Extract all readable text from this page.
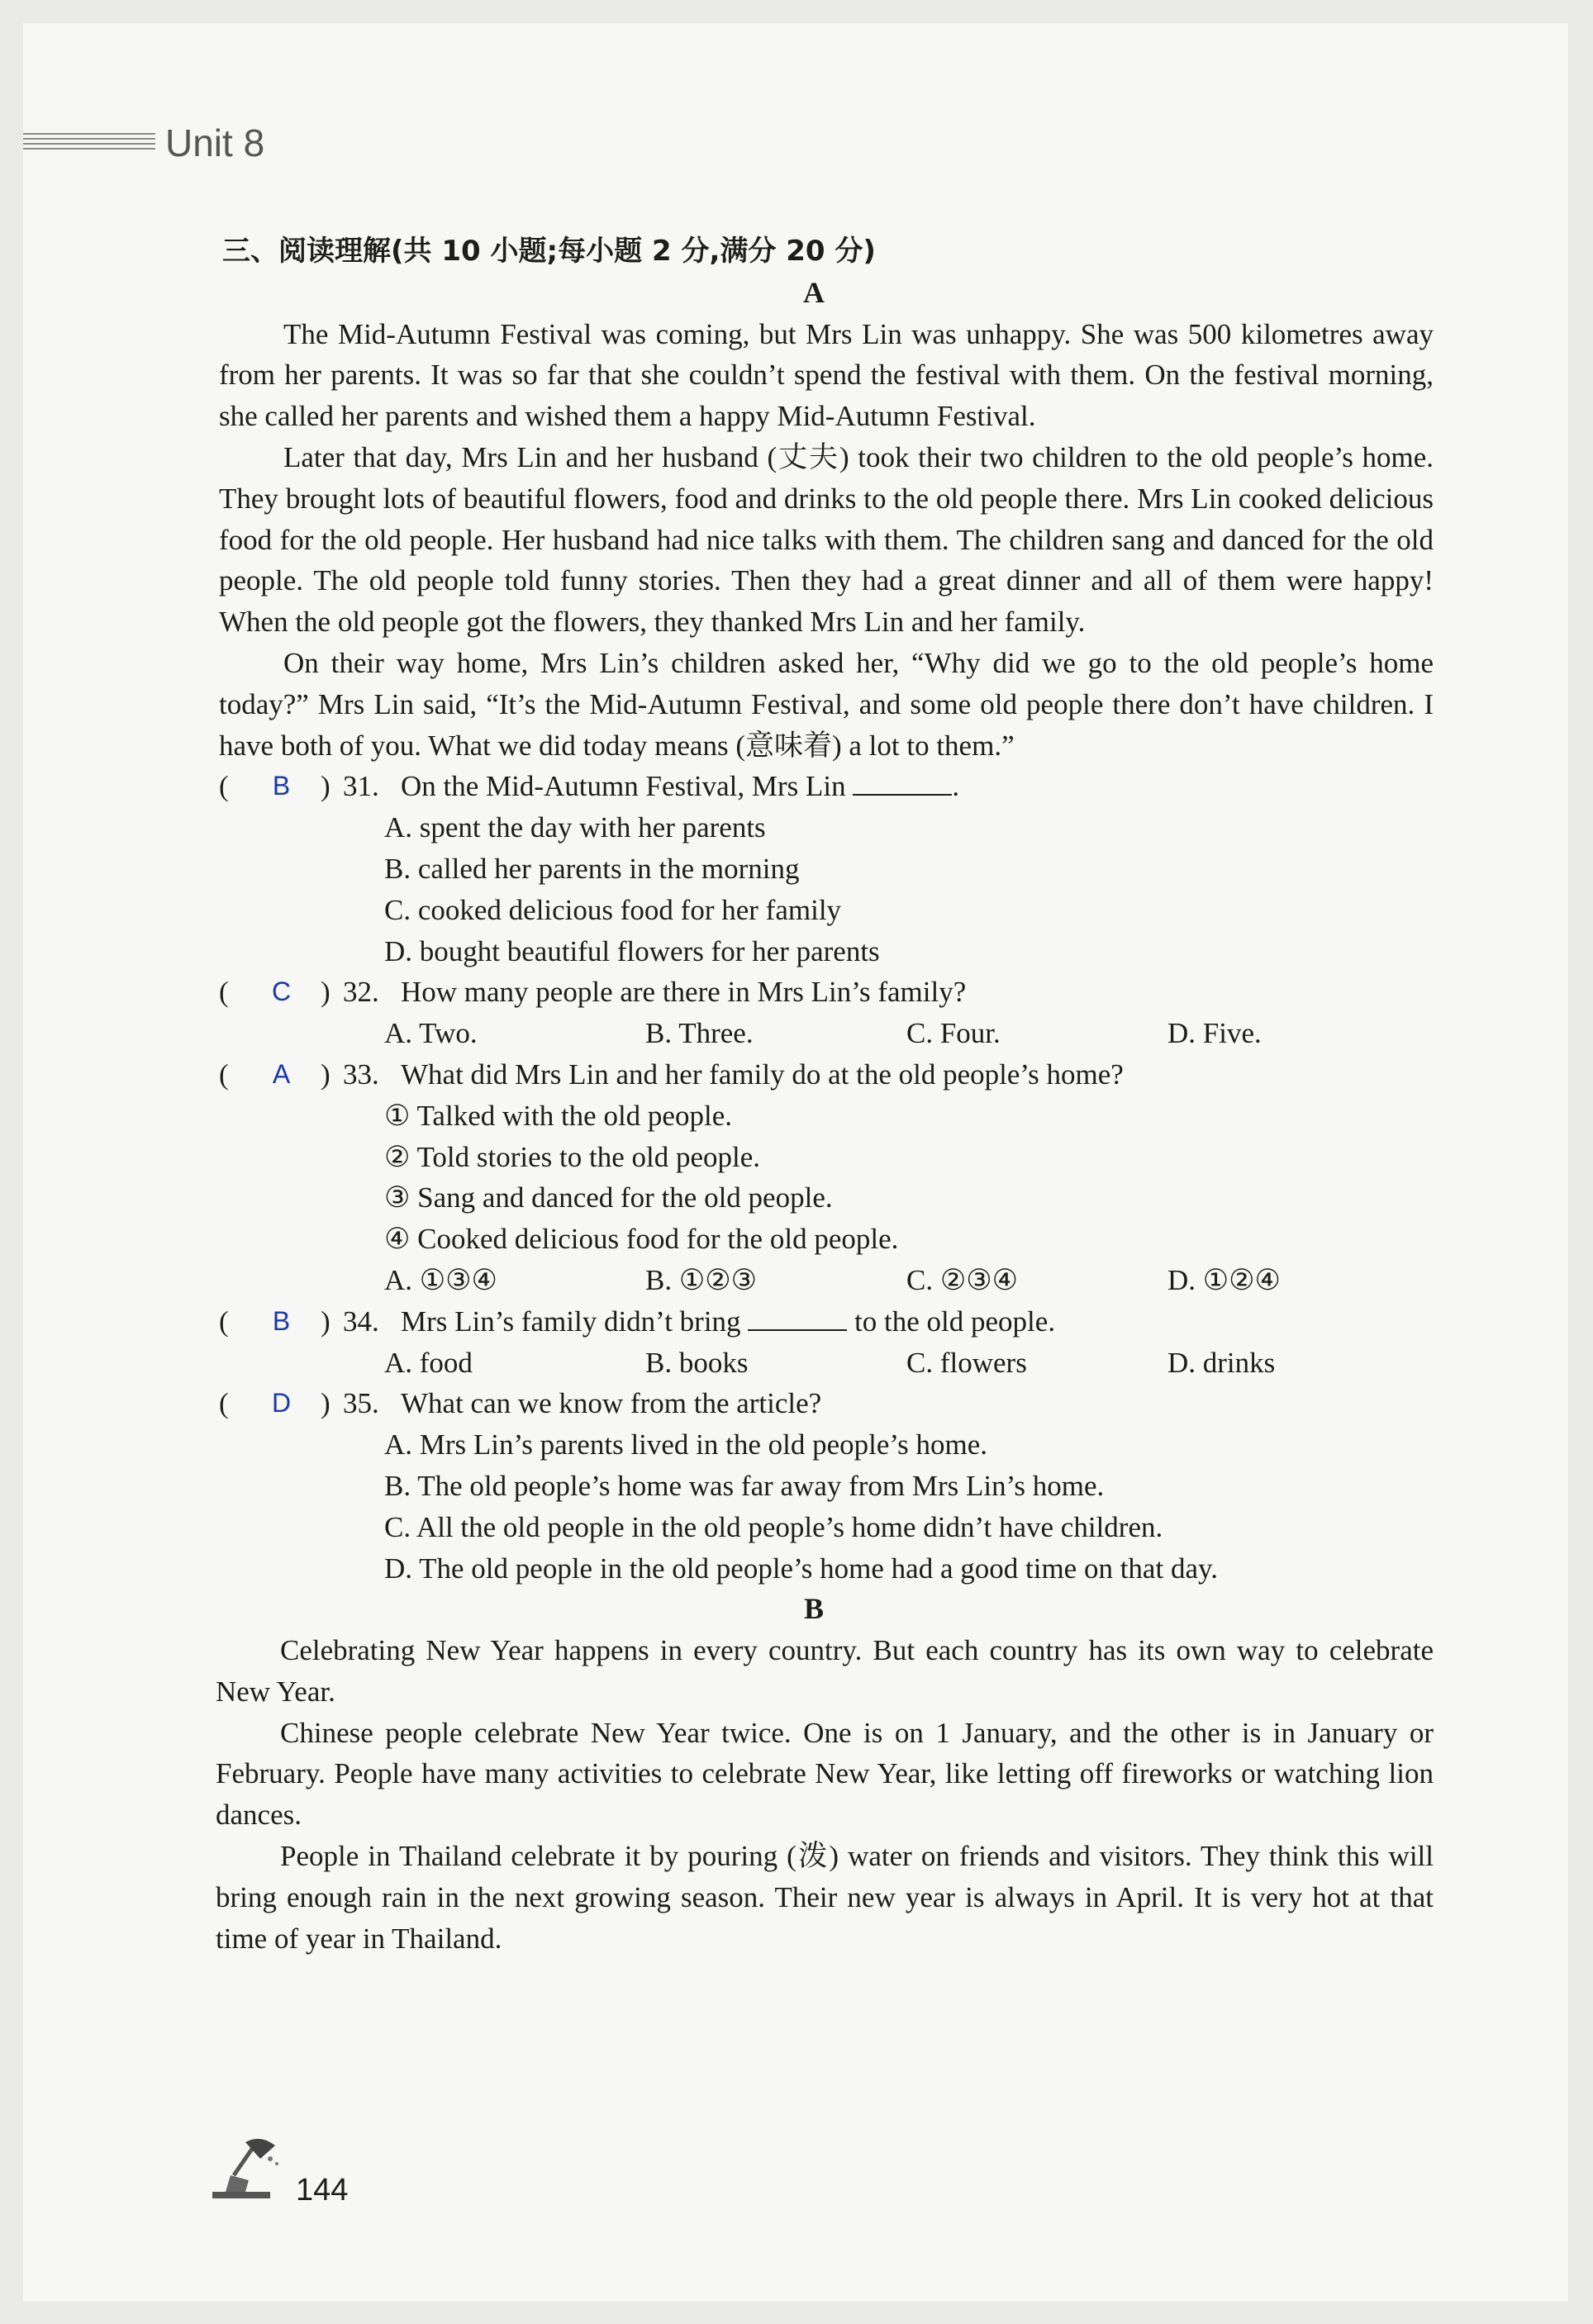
Unit 8
三、阅读理解(共 10 小题;每小题 2 分,满分 20 分)
A

The Mid-Autumn Festival was coming, but Mrs Lin was unhappy. She was 500 kilometres away from her parents. It was so far that she couldn’t spend the festival with them. On the festival morning, she called her parents and wished them a happy Mid-Autumn Festival.

Later that day, Mrs Lin and her husband (丈夫) took their two children to the old people’s home. They brought lots of beautiful flowers, food and drinks to the old people there. Mrs Lin cooked delicious food for the old people. Her husband had nice talks with them. The children sang and danced for the old people. The old people told funny stories. Then they had a great dinner and all of them were happy! When the old people got the flowers, they thanked Mrs Lin and her family.

On their way home, Mrs Lin’s children asked her, “Why did we go to the old people’s home today?” Mrs Lin said, “It’s the Mid-Autumn Festival, and some old people there don’t have children. I have both of you. What we did today means (意味着) a lot to them.”

(	B	) 31. On the Mid-Autumn Festival, Mrs Lin	.
A. spent the day with her parents
B. called her parents in the morning
C. cooked delicious food for her family
D. bought beautiful flowers for her parents
(	C	) 32. How many people are there in Mrs Lin’s family?
A. Two.	B. Three.	C. Four.	D. Five.
(	A	) 33. What did Mrs Lin and her family do at the old people’s home?
① Talked with the old people.
② Told stories to the old people.
③ Sang and danced for the old people.
④ Cooked delicious food for the old people.
A. ①③④	B. ①②③	C. ②③④	D. ①②④
(	B	) 34. Mrs Lin’s family didn’t bring	to the old people.
A. food	B. books	C. flowers	D. drinks
(	D	) 35. What can we know from the article?
A. Mrs Lin’s parents lived in the old people’s home.
B. The old people’s home was far away from Mrs Lin’s home.
C. All the old people in the old people’s home didn’t have children.
D. The old people in the old people’s home had a good time on that day.
B

Celebrating New Year happens in every country. But each country has its own way to celebrate New Year.

Chinese people celebrate New Year twice. One is on 1 January, and the other is in January or February. People have many activities to celebrate New Year, like letting off fireworks or watching lion dances.

People in Thailand celebrate it by pouring (泼) water on friends and visitors. They think this will bring enough rain in the next growing season. Their new year is always in April. It is very hot at that time of year in Thailand.

144
